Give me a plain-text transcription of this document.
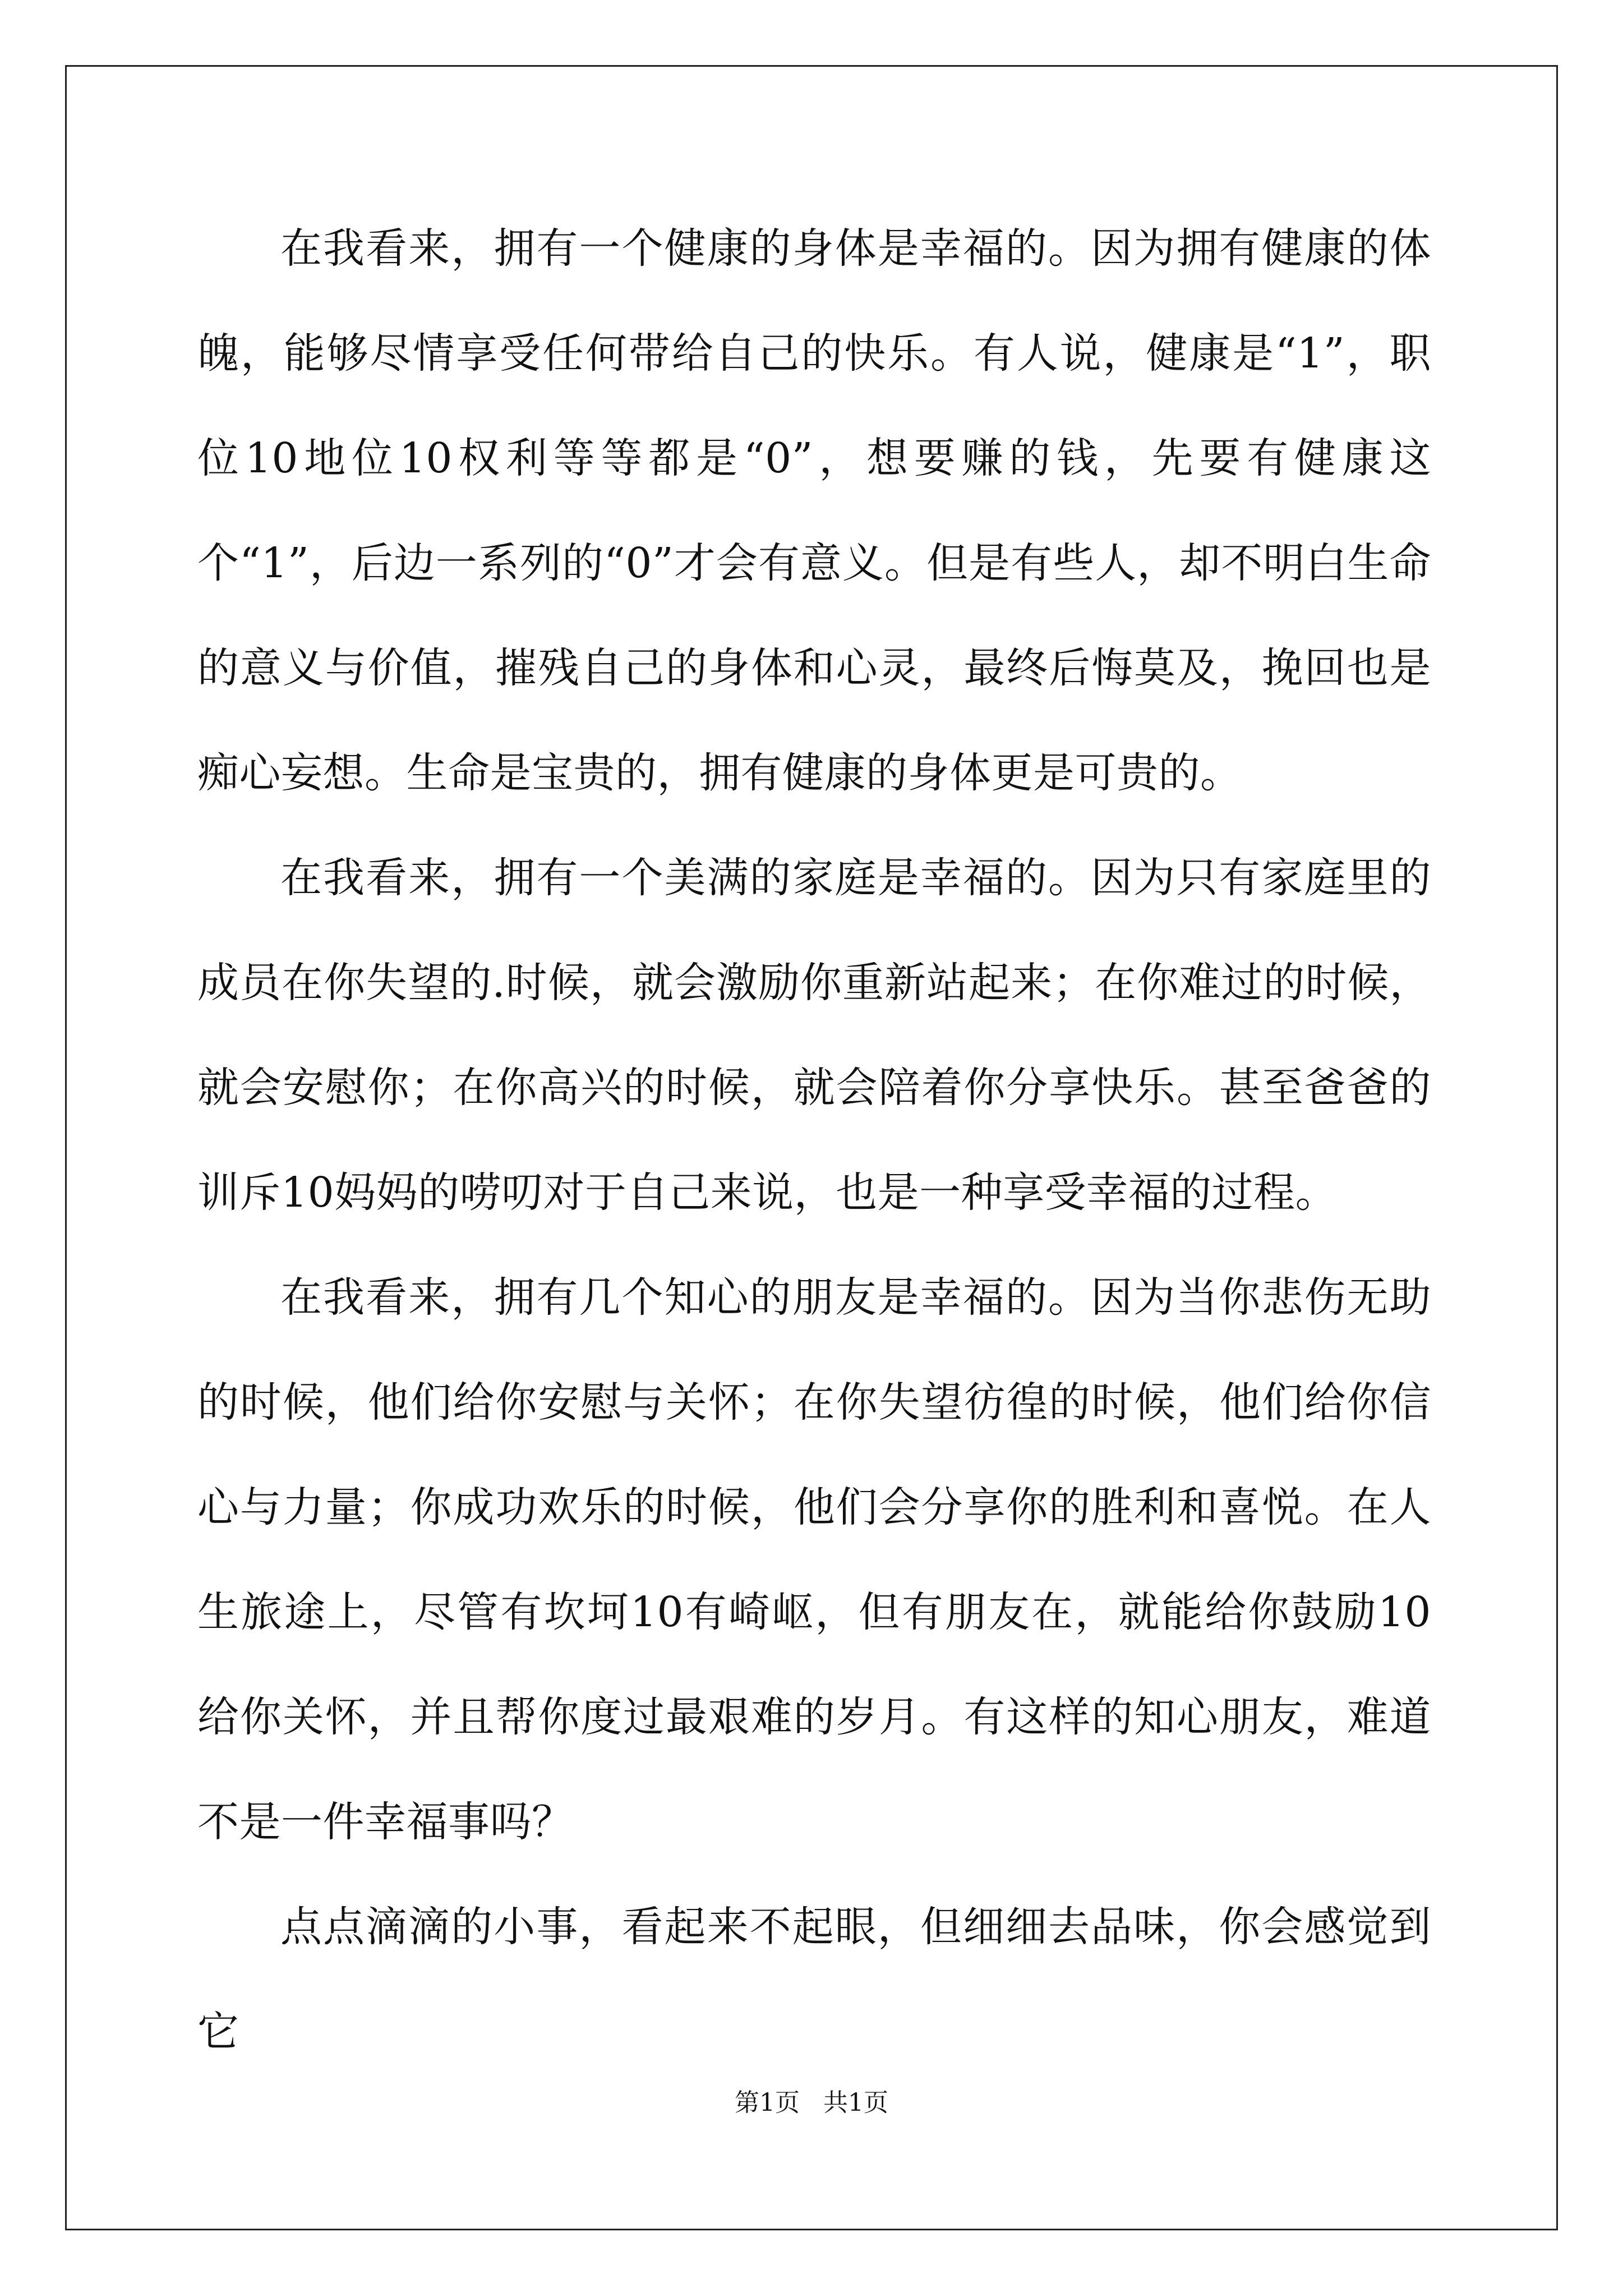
在我看来，拥有一个健康的身体是幸福的。因为拥有健康的体魄，能够尽情享受任何带给自己的快乐。有人说，健康是“1”，职位10地位10权利等等都是“0”，想要赚的钱，先要有健康这个“1”，后边一系列的“0”才会有意义。但是有些人，却不明白生命的意义与价值，摧残自己的身体和心灵，最终后悔莫及，挽回也是痴心妄想。生命是宝贵的，拥有健康的身体更是可贵的。

在我看来，拥有一个美满的家庭是幸福的。因为只有家庭里的成员在你失望的.时候，就会激励你重新站起来；在你难过的时候，就会安慰你；在你高兴的时候，就会陪着你分享快乐。甚至爸爸的训斥10妈妈的唠叨对于自己来说，也是一种享受幸福的过程。

在我看来，拥有几个知心的朋友是幸福的。因为当你悲伤无助的时候，他们给你安慰与关怀；在你失望彷徨的时候，他们给你信心与力量；你成功欢乐的时候，他们会分享你的胜利和喜悦。在人生旅途上，尽管有坎坷10有崎岖，但有朋友在，就能给你鼓励10给你关怀，并且帮你度过最艰难的岁月。有这样的知心朋友，难道不是一件幸福事吗？

点点滴滴的小事，看起来不起眼，但细细去品味，你会感觉到它

第1页   共1页
